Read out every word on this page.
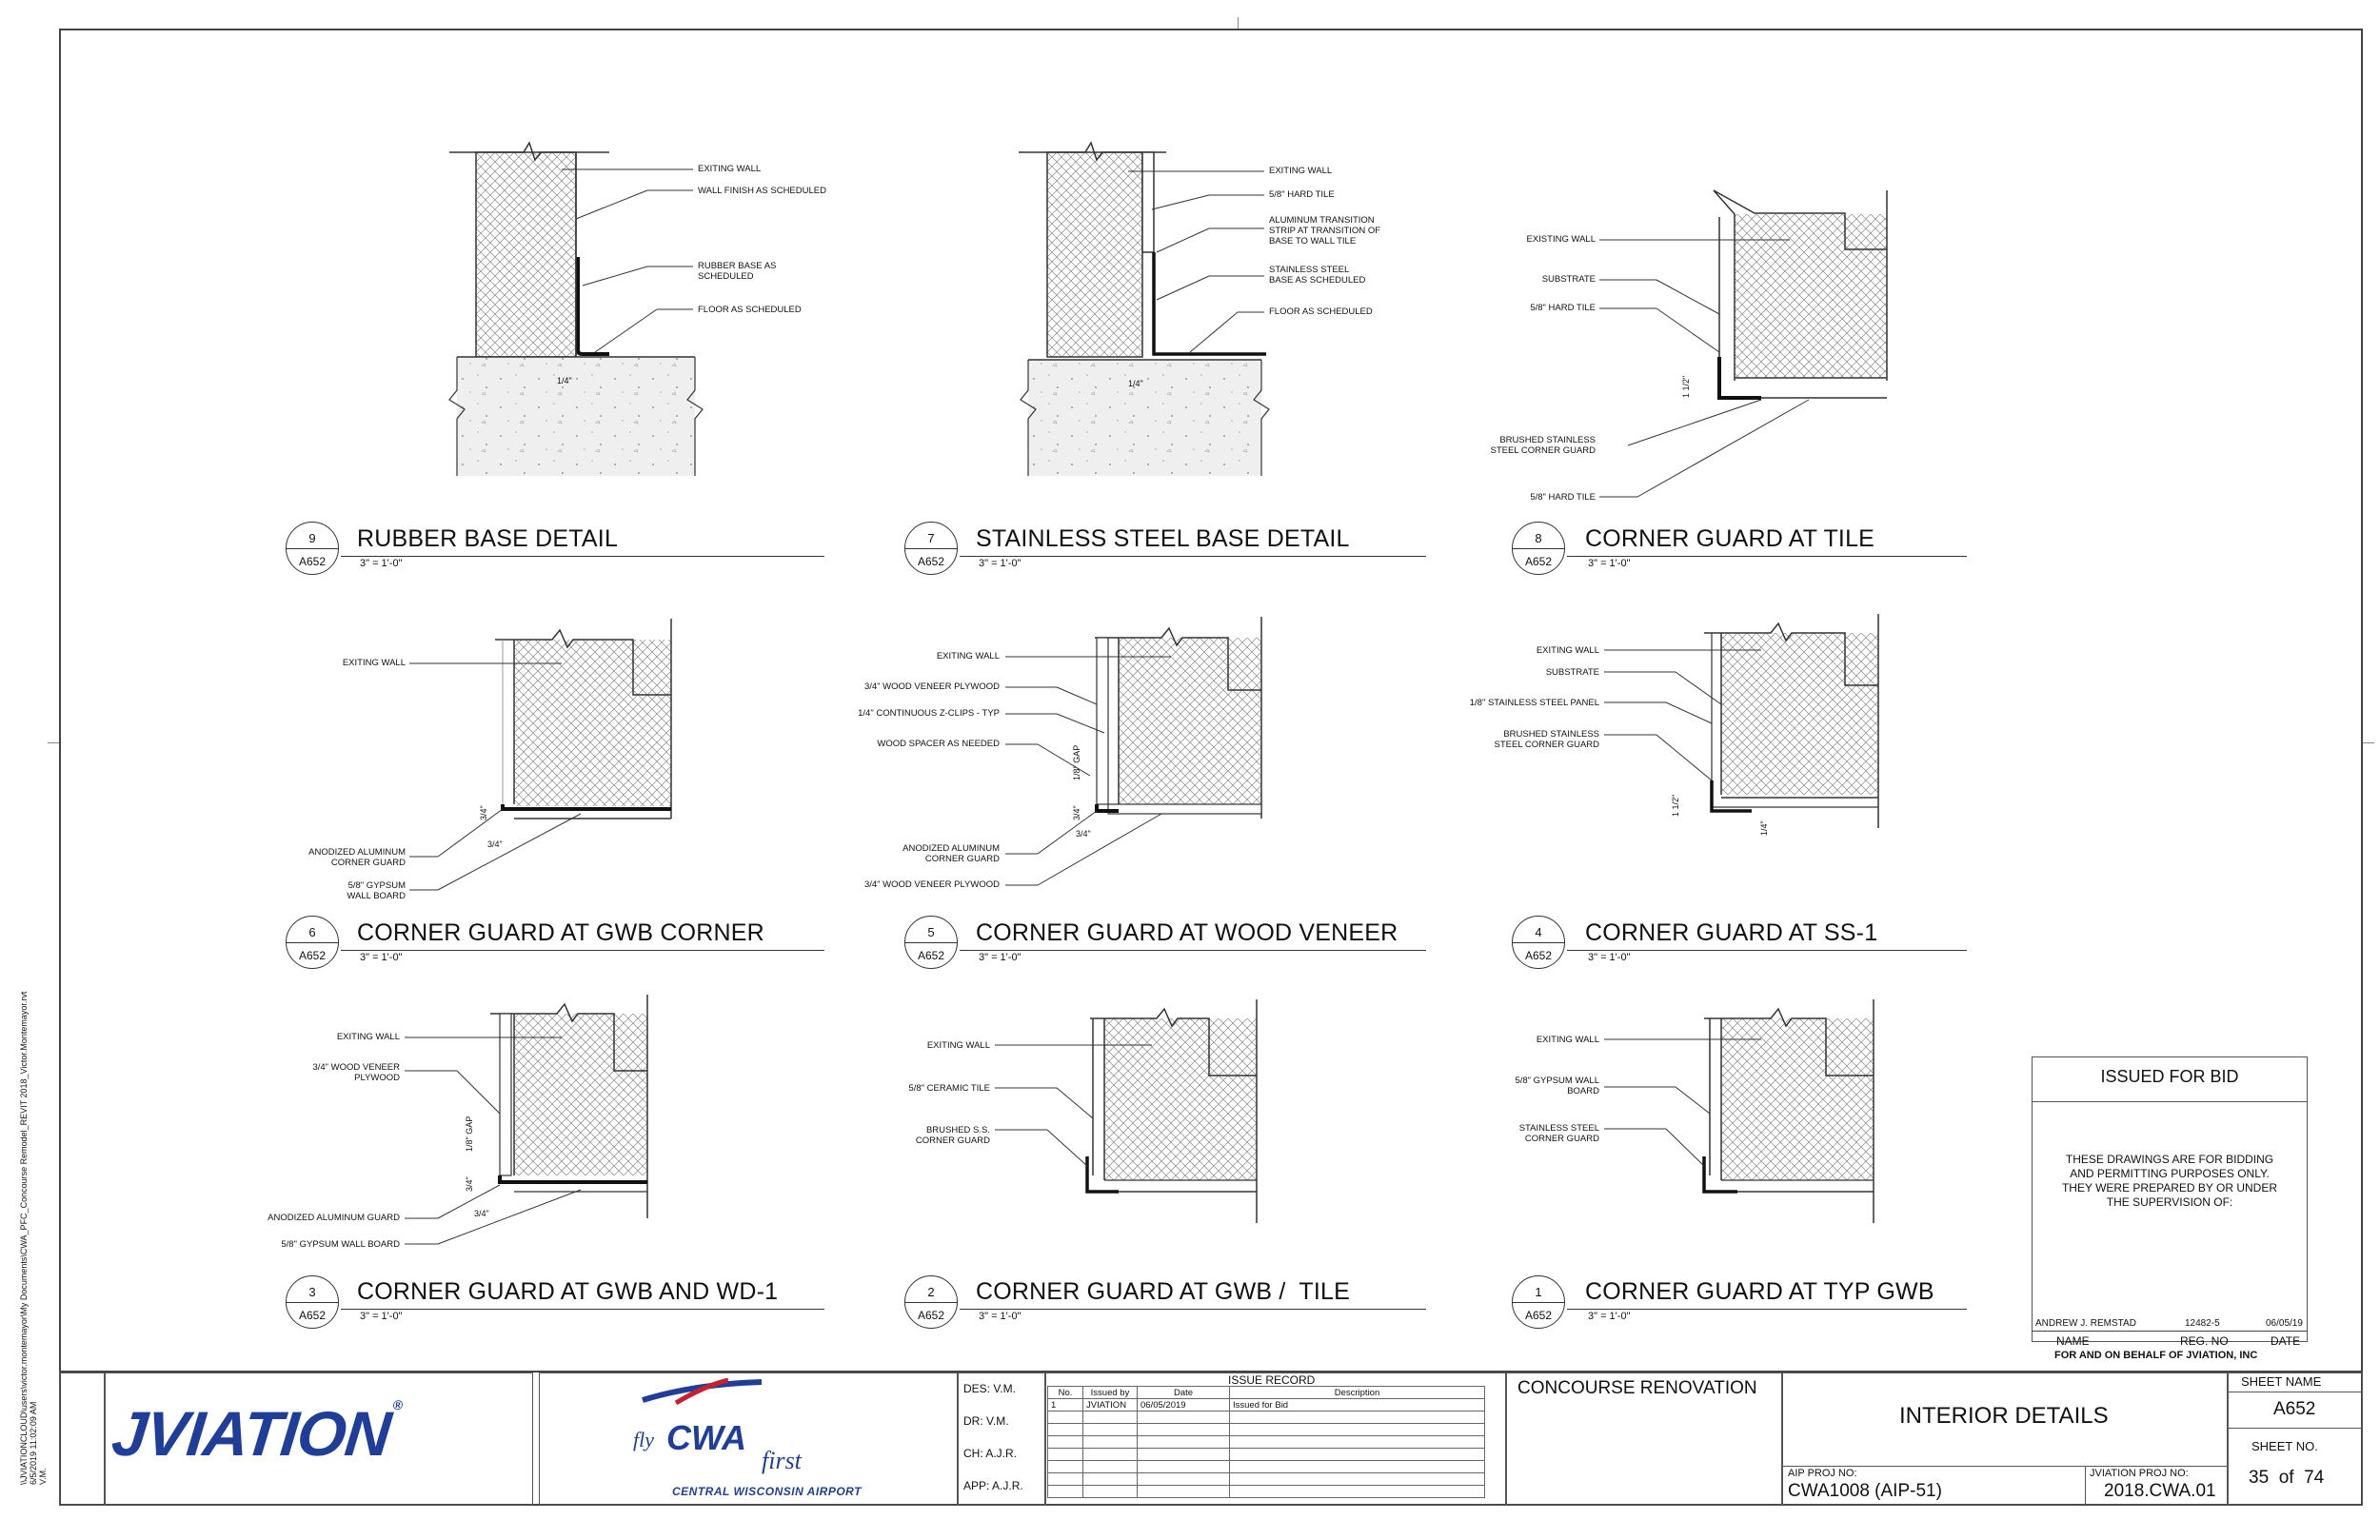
EXITING WALL
WALL FINISH AS SCHEDULED
RUBBER BASE AS
SCHEDULED
FLOOR AS SCHEDULED
1/4"
EXITING WALL
5/8" HARD TILE
ALUMINUM TRANSITION
STRIP AT TRANSITION OF
BASE TO WALL TILE
STAINLESS STEEL
BASE AS SCHEDULED
FLOOR AS SCHEDULED
1/4"
EXISTING WALL
SUBSTRATE
5/8" HARD TILE
BRUSHED STAINLESS
STEEL CORNER GUARD
5/8" HARD TILE
1 1/2"
EXITING WALL
ANODIZED ALUMINUM
CORNER GUARD
5/8" GYPSUM
WALL BOARD
3/4"
3/4"
EXITING WALL
3/4" WOOD VENEER PLYWOOD
1/4" CONTINUOUS Z-CLIPS - TYP
WOOD SPACER AS NEEDED
ANODIZED ALUMINUM
CORNER GUARD
3/4" WOOD VENEER PLYWOOD
1/8" GAP
3/4"
3/4"
EXITING WALL
SUBSTRATE
1/8" STAINLESS STEEL PANEL
BRUSHED STAINLESS
STEEL CORNER GUARD
1 1/2"
1/4"
EXITING WALL
3/4" WOOD VENEER
PLYWOOD
ANODIZED ALUMINUM GUARD
5/8" GYPSUM WALL BOARD
1/8" GAP
3/4"
3/4"
EXITING WALL
5/8" CERAMIC TILE
BRUSHED S.S.
CORNER GUARD
EXITING WALL
5/8" GYPSUM WALL
BOARD
STAINLESS STEEL
CORNER GUARD
9
A652
RUBBER BASE DETAIL
3" = 1'-0"
7
A652
STAINLESS STEEL BASE DETAIL
3" = 1'-0"
8
A652
CORNER GUARD AT TILE
3" = 1'-0"
6
A652
CORNER GUARD AT GWB CORNER
3" = 1'-0"
5
A652
CORNER GUARD AT WOOD VENEER
3" = 1'-0"
4
A652
CORNER GUARD AT SS-1
3" = 1'-0"
3
A652
CORNER GUARD AT GWB AND WD-1
3" = 1'-0"
2
A652
CORNER GUARD AT GWB /  TILE
3" = 1'-0"
1
A652
CORNER GUARD AT TYP GWB
3" = 1'-0"
ISSUED FOR BID
THESE DRAWINGS ARE FOR BIDDING AND PERMITTING PURPOSES ONLY. THEY WERE PREPARED BY OR UNDER THE SUPERVISION OF:
ANDREW J. REMSTAD	12482-5	06/05/19
NAME	REG. NO	DATE
FOR AND ON BEHALF OF JVIATION, INC
\\JVIATIONCLOUD\users\victor.montemayor\My Documents\CWA_PFC_Concourse Remodel_REVIT 2018_Victor.Montemayor.rvt
6/5/2019 11:02:09 AM
V.M.
JVIATION®
fly CWA
first
CENTRAL WISCONSIN AIRPORT
DES: V.M.
DR: V.M.
CH: A.J.R.
APP: A.J.R.
ISSUE RECORD
No.	Issued by	Date	Description
1	JVIATION	06/05/2019	Issued for Bid

CONCOURSE RENOVATION
INTERIOR DETAILS
AIP PROJ NO:
CWA1008 (AIP-51)
JVIATION PROJ NO:
2018.CWA.01
SHEET NAME
A652
SHEET NO.
35  of  74
